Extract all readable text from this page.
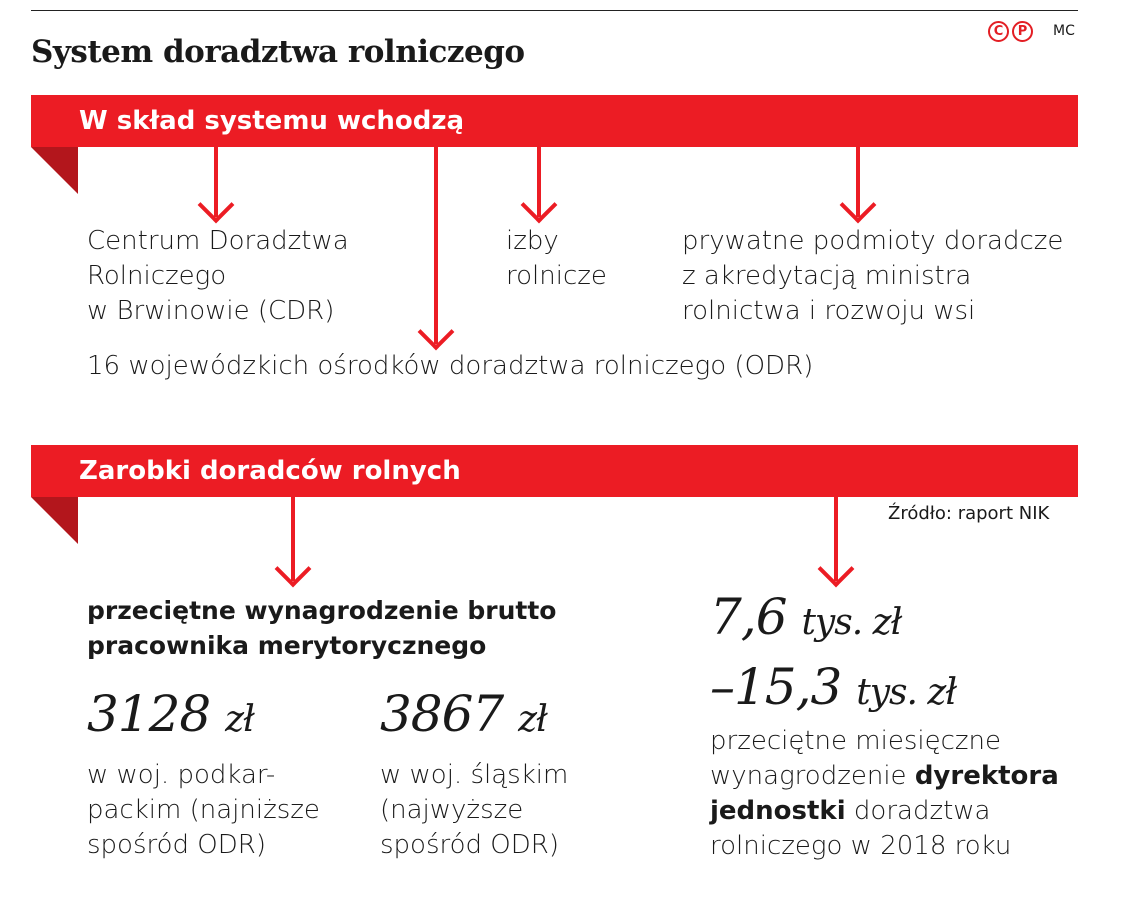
System doradztwa rolniczego
C	P	MC
W skład systemu wchodzą
Centrum Doradztwa
Rolniczego
w Brwinowie (CDR)
izby
rolnicze
prywatne podmioty doradcze
z akredytacją ministra
rolnictwa i rozwoju wsi
16 wojewódzkich ośrodków doradztwa rolniczego (ODR)
Zarobki doradców rolnych
Źródło: raport NIK
przeciętne wynagrodzenie brutto
pracownika merytorycznego
3128 zł
w woj. podkar-
packim (najniższe
spośród ODR)
3867 zł
w woj. śląskim
(najwyższe
spośród ODR)
7,6 tys. zł
–15,3 tys. zł
przeciętne miesięczne
wynagrodzenie dyrektora
jednostki doradztwa
rolniczego w 2018 roku
